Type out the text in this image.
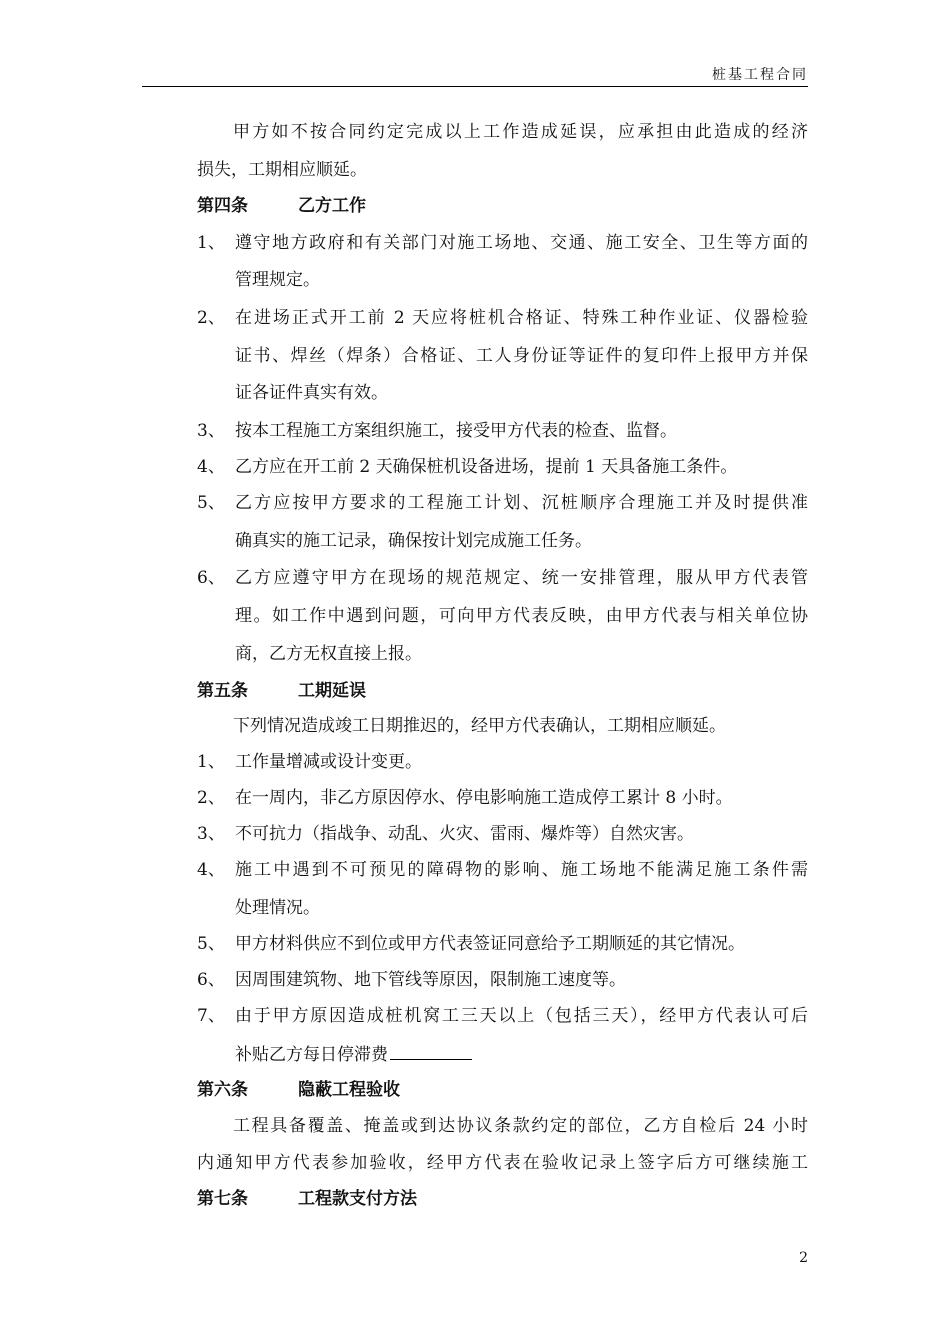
桩基工程合同
甲方如不按合同约定完成以上工作造成延误，应承担由此造成的经济
损失，工期相应顺延。
第四条	乙方工作
1、 遵守地方政府和有关部门对施工场地、交通、施工安全、卫生等方面的
管理规定。
2、 在进场正式开工前 2 天应将桩机合格证、特殊工种作业证、仪器检验
证书、焊丝（焊条）合格证、工人身份证等证件的复印件上报甲方并保
证各证件真实有效。
3、 按本工程施工方案组织施工，接受甲方代表的检查、监督。
4、 乙方应在开工前 2 天确保桩机设备进场，提前 1 天具备施工条件。
5、 乙方应按甲方要求的工程施工计划、沉桩顺序合理施工并及时提供准
确真实的施工记录，确保按计划完成施工任务。
6、 乙方应遵守甲方在现场的规范规定、统一安排管理，服从甲方代表管
理。如工作中遇到问题，可向甲方代表反映，由甲方代表与相关单位协
商，乙方无权直接上报。
第五条	工期延误
下列情况造成竣工日期推迟的，经甲方代表确认，工期相应顺延。
1、 工作量增减或设计变更。
2、 在一周内，非乙方原因停水、停电影响施工造成停工累计 8 小时。
3、 不可抗力（指战争、动乱、火灾、雷雨、爆炸等）自然灾害。
4、 施工中遇到不可预见的障碍物的影响、施工场地不能满足施工条件需
处理情况。
5、 甲方材料供应不到位或甲方代表签证同意给予工期顺延的其它情况。
6、 因周围建筑物、地下管线等原因，限制施工速度等。
7、 由于甲方原因造成桩机窝工三天以上（包括三天），经甲方代表认可后
补贴乙方每日停滞费
第六条	隐蔽工程验收
工程具备覆盖、掩盖或到达协议条款约定的部位，乙方自检后 24 小时
内通知甲方代表参加验收，经甲方代表在验收记录上签字后方可继续施工
第七条	工程款支付方法
2
